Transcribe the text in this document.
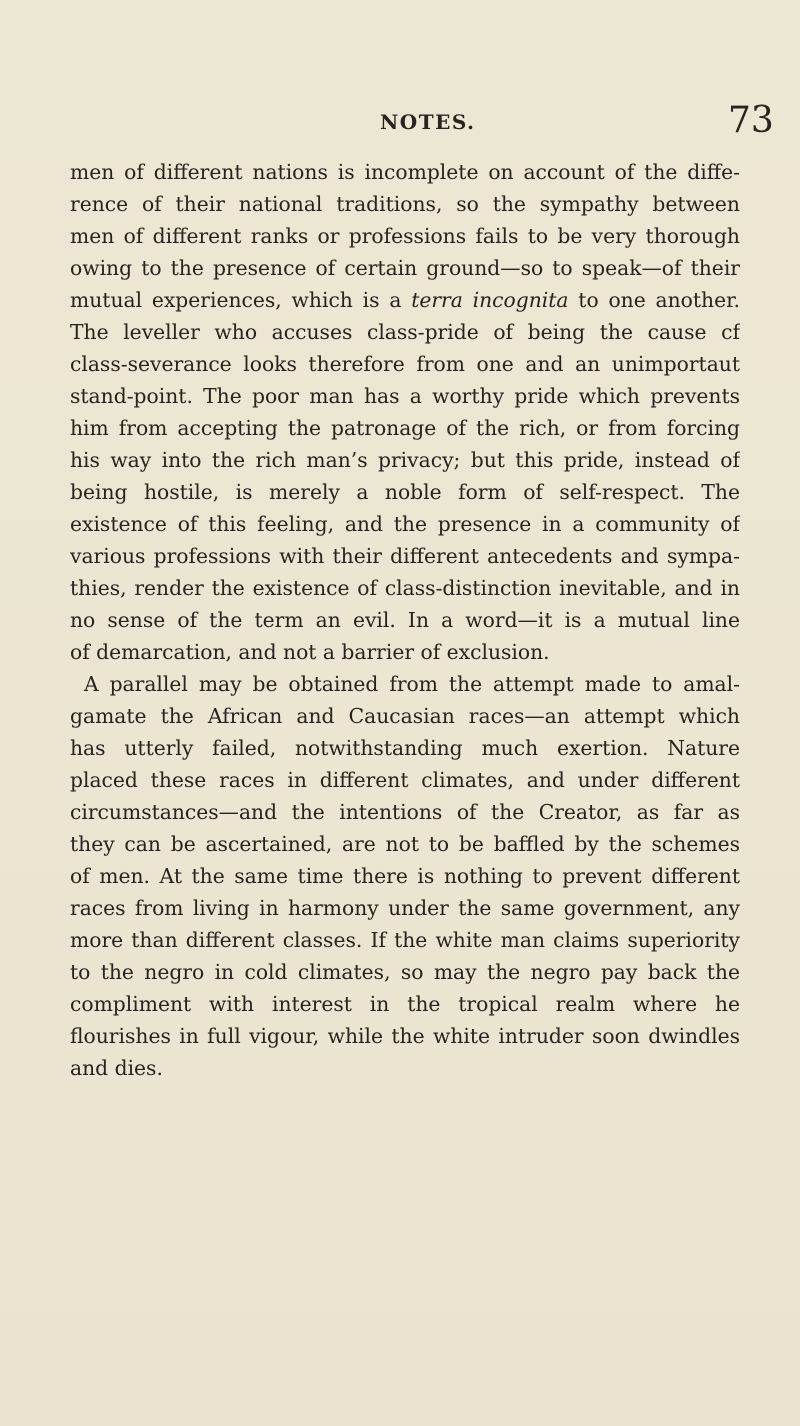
NOTES.	73
men of different nations is incomplete on account of the diffe-
rence of their national traditions, so the sympathy between
men of different ranks or professions fails to be very thorough
owing to the presence of certain ground—so to speak—of their
mutual experiences, which is a terra incognita to one another.
The leveller who accuses class-pride of being the cause cf
class-severance looks therefore from one and an unimportaut
stand-point. The poor man has a worthy pride which prevents
him from accepting the patronage of the rich, or from forcing
his way into the rich man’s privacy; but this pride, instead of
being hostile, is merely a noble form of self-respect. The
existence of this feeling, and the presence in a community of
various professions with their different antecedents and sympa-
thies, render the existence of class-distinction inevitable, and in
no sense of the term an evil. In a word—it is a mutual line
of demarcation, and not a barrier of exclusion.
A parallel may be obtained from the attempt made to amal-
gamate the African and Caucasian races—an attempt which
has utterly failed, notwithstanding much exertion. Nature
placed these races in different climates, and under different
circumstances—and the intentions of the Creator, as far as
they can be ascertained, are not to be baffled by the schemes
of men. At the same time there is nothing to prevent different
races from living in harmony under the same government, any
more than different classes. If the white man claims superiority
to the negro in cold climates, so may the negro pay back the
compliment with interest in the tropical realm where he
flourishes in full vigour, while the white intruder soon dwindles
and dies.
